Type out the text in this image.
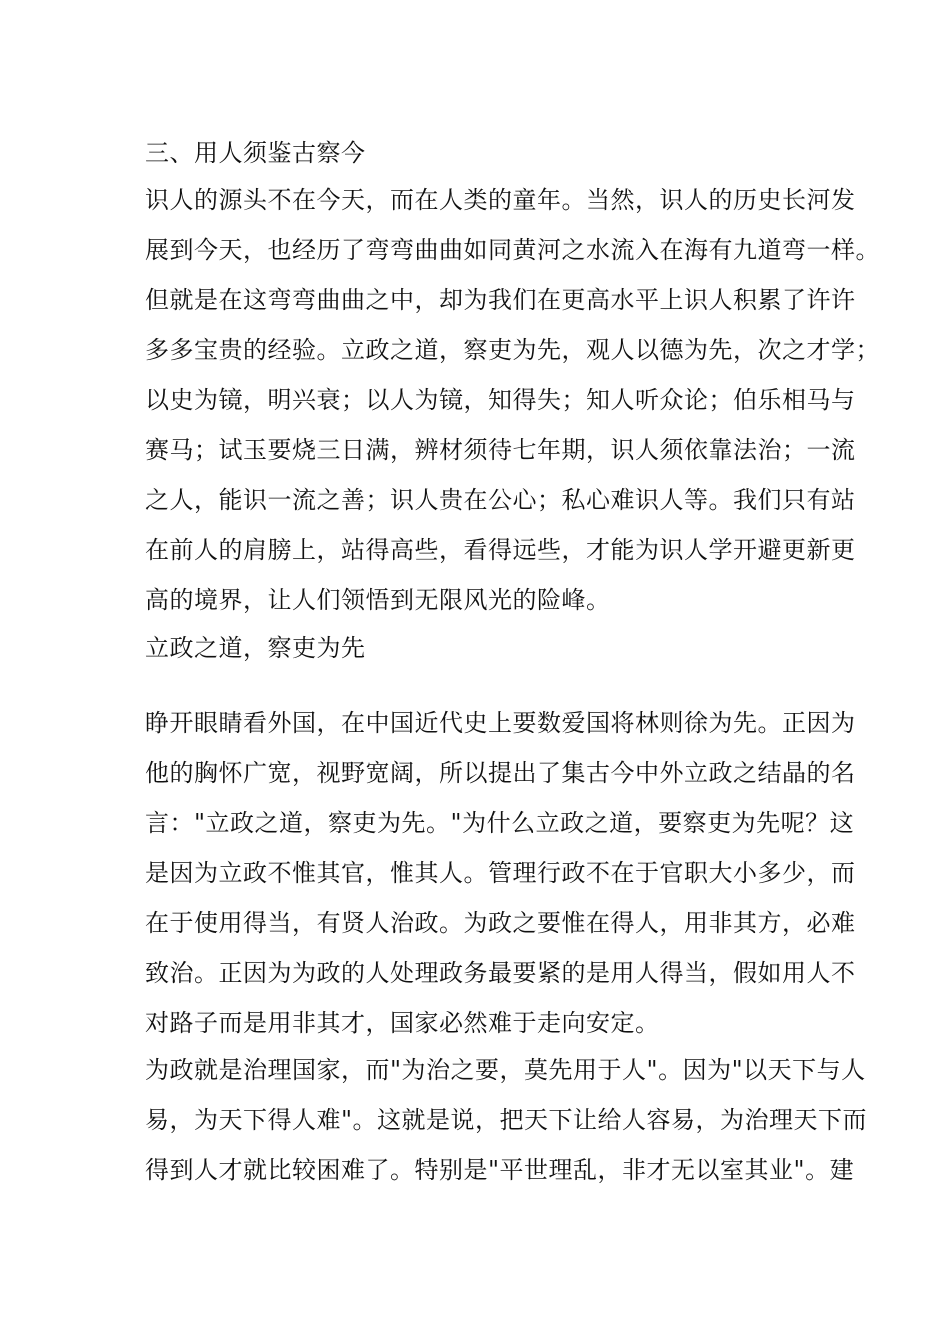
三、用人须鉴古察今
识人的源头不在今天，而在人类的童年。当然，识人的历史长河发
展到今天，也经历了弯弯曲曲如同黄河之水流入在海有九道弯一样。
但就是在这弯弯曲曲之中，却为我们在更高水平上识人积累了许许
多多宝贵的经验。立政之道，察吏为先，观人以德为先，次之才学；
以史为镜，明兴衰；以人为镜，知得失；知人听众论；伯乐相马与
赛马；试玉要烧三日满，辨材须待七年期，识人须依靠法治；一流
之人，能识一流之善；识人贵在公心；私心难识人等。我们只有站
在前人的肩膀上，站得高些，看得远些，才能为识人学开避更新更
高的境界，让人们领悟到无限风光的险峰。
立政之道，察吏为先
睁开眼睛看外国，在中国近代史上要数爱国将林则徐为先。正因为
他的胸怀广宽，视野宽阔，所以提出了集古今中外立政之结晶的名
言："立政之道，察吏为先。"为什么立政之道，要察吏为先呢？这
是因为立政不惟其官，惟其人。管理行政不在于官职大小多少，而
在于使用得当，有贤人治政。为政之要惟在得人，用非其方，必难
致治。正因为为政的人处理政务最要紧的是用人得当，假如用人不
对路子而是用非其才，国家必然难于走向安定。
为政就是治理国家，而"为治之要，莫先用于人"。因为"以天下与人
易，为天下得人难"。这就是说，把天下让给人容易，为治理天下而
得到人才就比较困难了。特别是"平世理乱，非才无以室其业"。建
